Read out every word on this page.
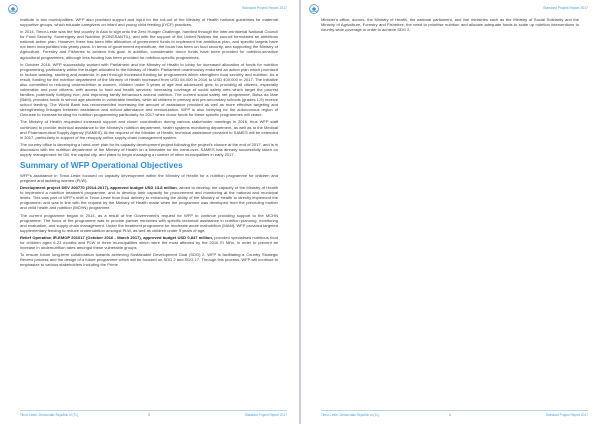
Standard Project Report 2017

Institute in two municipalities. WFP also provided support and input for the roll-out of the Ministry of Health national guidelines for maternal supportive groups, which educate caregivers on infant and young child feeding (IYCF) practices.

In 2014, Timor-Leste was the first country in Asia to sign onto the Zero Hunger Challenge, handled through the inter-ministerial National Council for Food Security, Sovereignty and Nutrition (KONSSANTIL), and with the support of the United Nations the council formulated an ambitious national action plan. However, there has been little allocation of government funds to implement the ambitious plan, and specific targets have not been incorporated into yearly plans. In terms of government expenditure, the focus has been on food security, and supporting the Ministry of Agriculture, Forestry and Fisheries to achieve this goal. In addition, considerable donor funds have been provided for nutrition-sensitive agricultural programmes, although less funding has been provided for nutrition-specific programmes.

In October 2016, WFP successfully worked with Parliament and the Ministry of Health to lobby for increased allocation of funds for nutrition programming, particularly within the budget allocated to the Ministry of Health. Parliament unanimously endorsed an action plan which promised to reduce wasting, stunting and anaemia, in part through increased funding for programmes which strengthen food security and nutrition. As a result, funding for the nutrition department of the Ministry of Health increased from USD 54,000 in 2016 to USD 400,000 in 2017. The initiative also committed to reducing undernutrition in women, children under 5 years of age and adolescent girls; to providing all citizens, especially vulnerable and poor citizens, with access to food and health services; increasing coverage of social safety nets which target the poorest families; potentially fortifying rice; and improving family behaviours around nutrition. The current social safety net programme, Bolsa da Mae (BdM), provides funds to school age students in vulnerable families, while all children in primary and pre-secondary schools (grades 1-9) receive school feeding. The World Bank has recommended increasing the amount of assistance provided as well as more effective targeting and strengthening linkages between assistance and school attendance and immunization. WFP is also lobbying for the autonomous region of Oecusse to increase funding for nutrition programming particularly for 2017 when donor funds for these specific programmes will cease.

The Ministry of Health requested increased support and closer coordination during various stakeholder meetings in 2016, thus WFP staff continued to provide technical assistance to the Ministry's nutrition department, health systems monitoring department, as well as to the Medical and Pharmaceutical Supply Agency (SAMES). At the request of the Minister of Health, technical assistance provided to SAMES will be extended in 2017, particularly in support of the resupply online supply chain management system.

The country office is developing a hand-over plan for its capacity development project following the project's closure at the end of 2017, and is in discussion with the nutrition department of the Ministry of Health on a timetable for the hand-over. SAMES has already successfully taken on supply management for Dili, the capital city, and plans to begin managing a number of other municipalities in early 2017.

Summary of WFP Operational Objectives

WFP's assistance in Timor-Leste focused on capacity development within the Ministry of Health for a nutrition programme for children and pregnant and lactating women (PLW).

Development project DEV 200770 (2014-2017), approved budget USD 13.8 million, aimed to develop the capacity of the Ministry of Health to implement a nutrition treatment programme, and to develop their capacity for procurement and monitoring at the national and municipal levels. This was part of WFP's shift in Timor-Leste from food delivery to enhancing the ability of the Ministry of Health to directly implement the programme; and was in line with the request by the Ministry of Health made when the programme was developed from the preceding mother and child health and nutrition (MCHN) programme.

The current programme began in 2014, as a result of the Government's request for WFP to continue providing support to the MCHN programme. The focus of the programme was to provide partner ministries with specific technical assistance in nutrition planning, monitoring and evaluation, and supply chain management. Under the treatment programme for moderate acute malnutrition (MAM), WFP provided targeted supplementary feeding to reduce undernutrition amongst PLW, as well as children under 5 years of age.

Relief Operation IR-EMOP 201017 (October 2016 - March 2017), approved budget USD 0.847 million, provided specialised nutritious food for children aged 6-23 months and PLW in three municipalities which were the most affected by the 2016 El Niño, in order to prevent an increase in undernutrition rates amongst these vulnerable groups.

To ensure future long-term collaboration towards achieving Sustainable Development Goal (SDG) 2, WFP is facilitating a Country Strategic Review process and the design of a future programme which will be focused on SDG 2 and SDG 17. Through this process, WFP will continue to emphasize to various stakeholders including the Prime

Timor-Leste, Democratic Republic of (TL)	3	Standard Project Report 2017
Standard Project Report 2017

Minister's office, donors, the Ministry of Health, the national parliament, and line ministries such as the Ministry of Social Solidarity and the Ministry of Agriculture, Forestry and Fisheries; the need to prioritise nutrition and allocate adequate funds to scale up nutrition interventions to country-wide coverage in order to achieve SDG 2.

Timor-Leste, Democratic Republic of (TL)	4	Standard Project Report 2017
